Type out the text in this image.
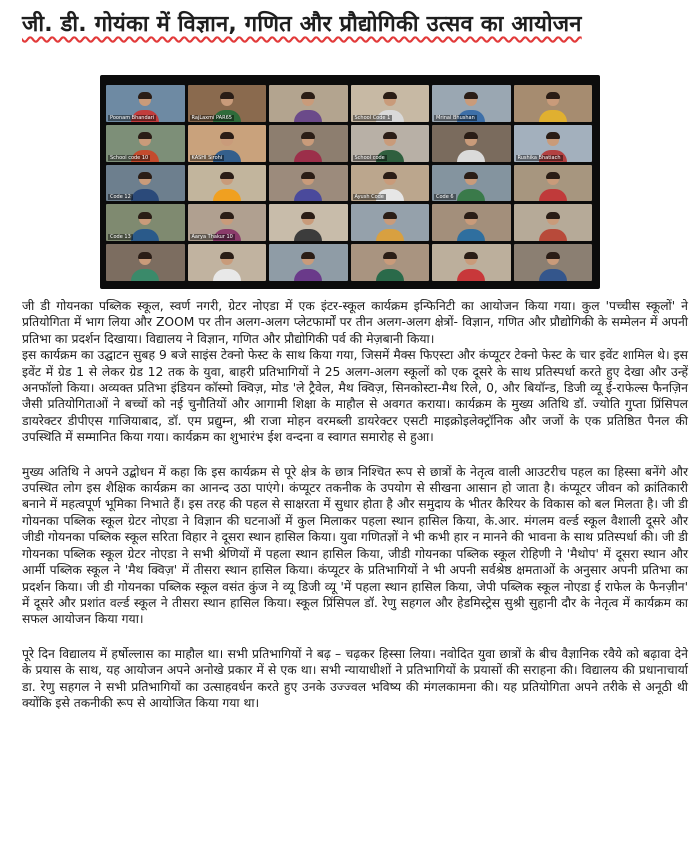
जी. डी. गोयंका में विज्ञान, गणित और प्रौद्योगिकी उत्सव का आयोजन
Poonam Bhandari	RajLaxmi PAR65	School Code 1	Mrinal Bhushan
School code 10	KASHI Sirohi	School code	Rushika Bhatiach
Code 12	Ayush Code	Code 6
Code 13	Aarya Thakur 10

जी डी गोयनका पब्लिक स्कूल, स्वर्ण नगरी, ग्रेटर नोएडा में एक इंटर-स्कूल कार्यक्रम इन्फिनिटी का आयोजन किया गया। कुल 'पच्चीस स्कूलों' ने प्रतियोगिता में भाग लिया और ZOOM पर तीन अलग-अलग प्लेटफार्मों पर तीन अलग-अलग क्षेत्रों- विज्ञान, गणित और प्रौद्योगिकी के सम्मेलन में अपनी प्रतिभा का प्रदर्शन दिखाया। विद्यालय ने विज्ञान, गणित और प्रौद्योगिकी पर्व की मेज़बानी किया।

इस कार्यक्रम का उद्घाटन सुबह 9 बजे साइंस टेक्नो फेस्ट के साथ किया गया, जिसमें मैक्स फिएस्टा और कंप्यूटर टेक्नो फेस्ट के चार इवेंट शामिल थे। इस इवेंट में ग्रेड 1 से लेकर ग्रेड 12 तक के युवा, बाहरी प्रतिभागियों ने 25 अलग-अलग स्कूलों को एक दूसरे के साथ प्रतिस्पर्धा करते हुए देखा और उन्हें अनफॉलो किया। अव्यक्त प्रतिभा इंडियन कॉस्मो क्विज़, मोड 'ले ट्रैवेल, मैथ क्विज़, सिनकोस्टा-मैथ रिले, 0, और बियॉन्ड, डिजी व्यू ई-राफेल्स फैनज़िन जैसी प्रतियोगिताओं ने बच्चों को नई चुनौतियों और आगामी शिक्षा के माहौल से अवगत कराया। कार्यक्रम के मुख्य अतिथि डॉ. ज्योति गुप्ता प्रिंसिपल डायरेक्टर डीपीएस गाजियाबाद, डॉ. एम प्रद्युम्न, श्री राजा मोहन वरमब्ली डायरेक्टर एसटी माइक्रोइलेक्ट्रॉनिक और जजों के एक प्रतिष्ठित पैनल की उपस्थिति में सम्मानित किया गया। कार्यक्रम का शुभारंभ ईश वन्दना व स्वागत समारोह से हुआ।

मुख्य अतिथि ने अपने उद्बोधन में कहा कि इस कार्यक्रम से पूरे क्षेत्र के छात्र निश्चित रूप से छात्रों के नेतृत्व वाली आउटरीच पहल का हिस्सा बनेंगे और उपस्थित लोग इस शैक्षिक कार्यक्रम का आनन्द उठा पाएंगे। कंप्यूटर तकनीक के उपयोग से सीखना आसान हो जाता है। कंप्यूटर जीवन को क्रांतिकारी बनाने में महत्वपूर्ण भूमिका निभाते हैं। इस तरह की पहल से साक्षरता में सुधार होता है और समुदाय के भीतर कैरियर के विकास को बल मिलता है। जी डी गोयनका पब्लिक स्कूल ग्रेटर नोएडा ने विज्ञान की घटनाओं में कुल मिलाकर पहला स्थान हासिल किया, के.आर. मंगलम वर्ल्ड स्कूल वैशाली दूसरे और जीडी गोयनका पब्लिक स्कूल सरिता विहार ने दूसरा स्थान हासिल किया। युवा गणितज्ञों ने भी कभी हार न मानने की भावना के साथ प्रतिस्पर्धा की। जी डी गोयनका पब्लिक स्कूल ग्रेटर नोएडा ने सभी श्रेणियों में पहला स्थान हासिल किया, जीडी गोयनका पब्लिक स्कूल रोहिणी ने 'मैथोप' में दूसरा स्थान और आर्मी पब्लिक स्कूल ने 'मैथ क्विज़' में तीसरा स्थान हासिल किया। कंप्यूटर के प्रतिभागियों ने भी अपनी सर्वश्रेष्ठ क्षमताओं के अनुसार अपनी प्रतिभा का प्रदर्शन किया। जी डी गोयनका पब्लिक स्कूल वसंत कुंज ने व्यू डिजी व्यू 'में पहला स्थान हासिल किया, जेपी पब्लिक स्कूल नोएडा ई राफेल के फैनज़ीन' में दूसरे और प्रशांत वर्ल्ड स्कूल ने तीसरा स्थान हासिल किया। स्कूल प्रिंसिपल डॉ. रेणु सहगल और हेडमिस्ट्रेस सुश्री सुहानी दौर के नेतृत्व में कार्यक्रम का सफल आयोजन किया गया।

पूरे दिन विद्यालय में हर्षोल्लास का माहौल था। सभी प्रतिभागियों ने बढ़ – चढ़कर हिस्सा लिया। नवोदित युवा छात्रों के बीच वैज्ञानिक रवैये को बढ़ावा देने के प्रयास के साथ, यह आयोजन अपने अनोखे प्रकार में से एक था। सभी न्यायाधीशों ने प्रतिभागियों के प्रयासों की सराहना की। विद्यालय की प्रधानाचार्या डा. रेणु सहगल ने सभी प्रतिभागियों का उत्साहवर्धन करते हुए उनके उज्ज्वल भविष्य की मंगलकामना की। यह प्रतियोगिता अपने तरीके से अनूठी थी क्योंकि इसे तकनीकी रूप से आयोजित किया गया था।
